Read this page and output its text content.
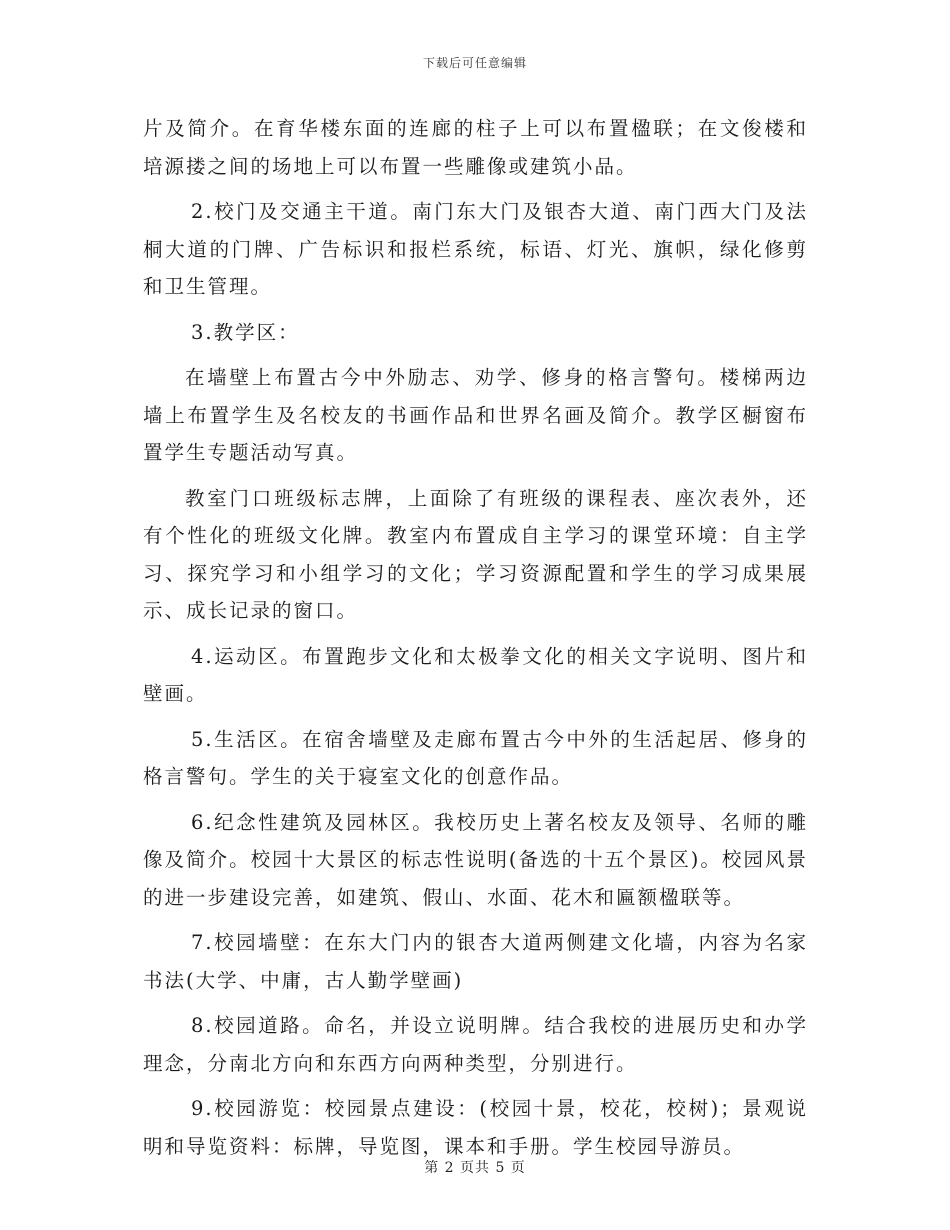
下载后可任意编辑

片及简介。在育华楼东面的连廊的柱子上可以布置楹联；在文俊楼和培源搂之间的场地上可以布置一些雕像或建筑小品。

2.校门及交通主干道。南门东大门及银杏大道、南门西大门及法桐大道的门牌、广告标识和报栏系统，标语、灯光、旗帜，绿化修剪和卫生管理。

3.教学区：

在墙壁上布置古今中外励志、劝学、修身的格言警句。楼梯两边墙上布置学生及名校友的书画作品和世界名画及简介。教学区橱窗布置学生专题活动写真。

教室门口班级标志牌，上面除了有班级的课程表、座次表外，还有个性化的班级文化牌。教室内布置成自主学习的课堂环境：自主学习、探究学习和小组学习的文化；学习资源配置和学生的学习成果展示、成长记录的窗口。

4.运动区。布置跑步文化和太极拳文化的相关文字说明、图片和壁画。

5.生活区。在宿舍墙壁及走廊布置古今中外的生活起居、修身的格言警句。学生的关于寝室文化的创意作品。

6.纪念性建筑及园林区。我校历史上著名校友及领导、名师的雕像及简介。校园十大景区的标志性说明(备选的十五个景区)。校园风景的进一步建设完善，如建筑、假山、水面、花木和匾额楹联等。

7.校园墙壁：在东大门内的银杏大道两侧建文化墙，内容为名家书法(大学、中庸，古人勤学壁画)

8.校园道路。命名，并设立说明牌。结合我校的进展历史和办学理念，分南北方向和东西方向两种类型，分别进行。

9.校园游览：校园景点建设：(校园十景，校花，校树)；景观说明和导览资料：标牌，导览图，课本和手册。学生校园导游员。

第 2 页共 5 页
